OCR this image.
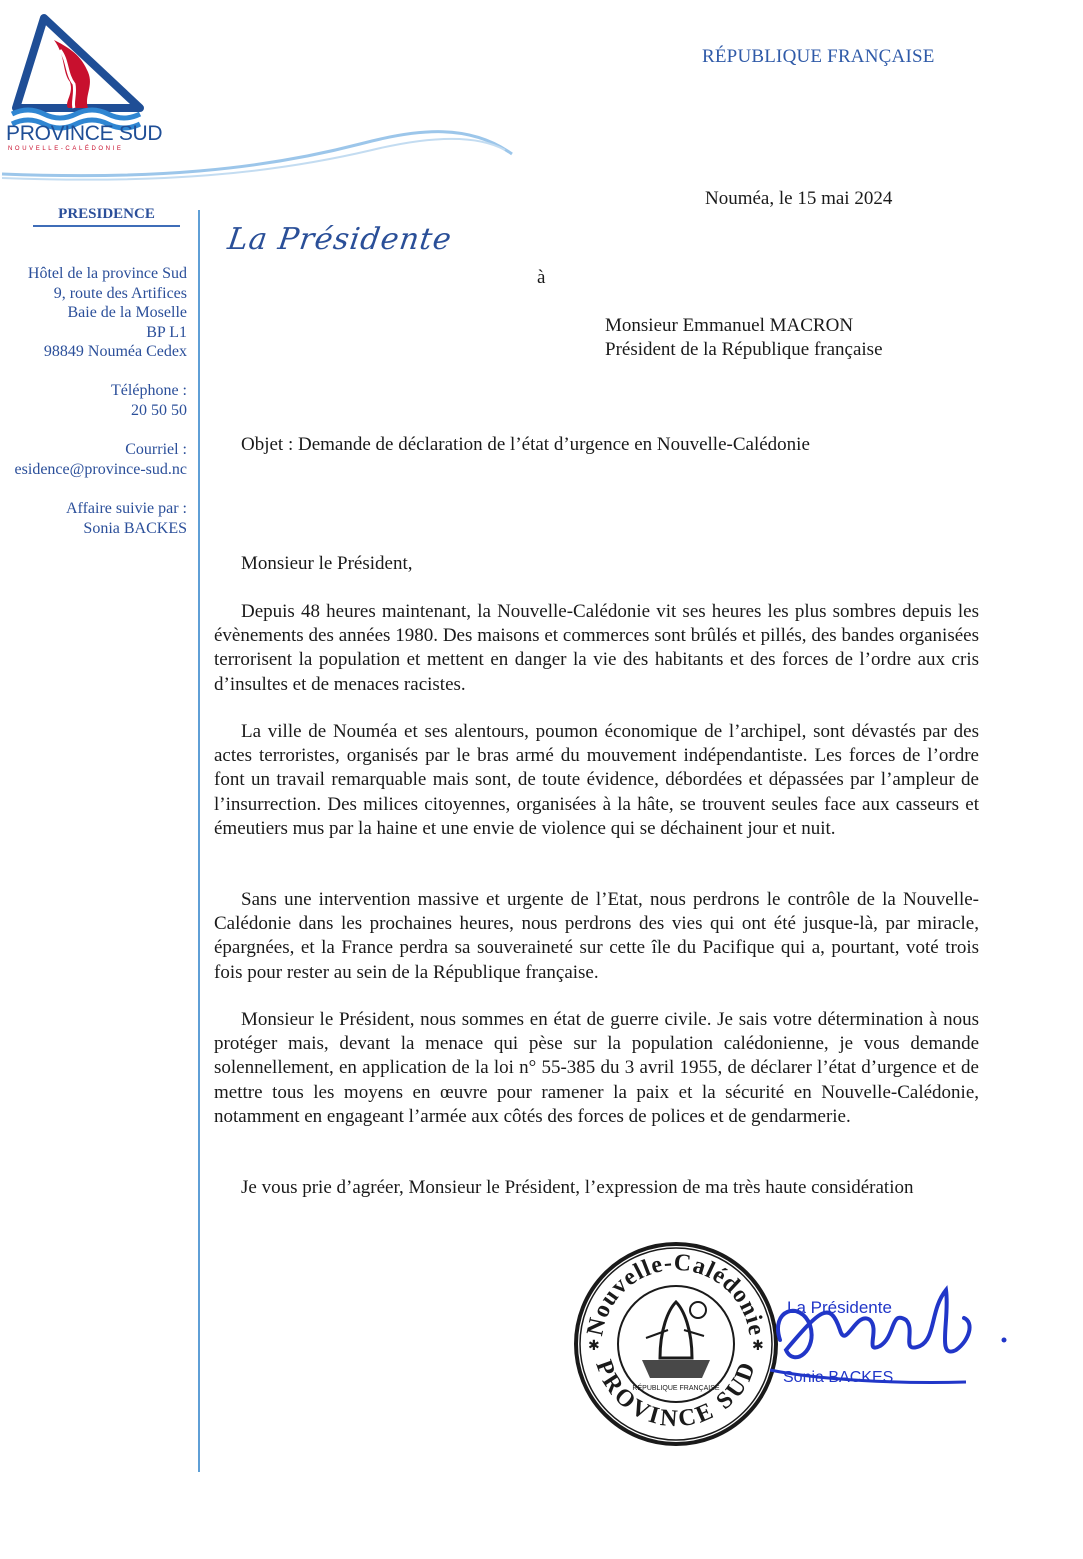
PROVINCE SUD
NOUVELLE-CALÉDONIE
RÉPUBLIQUE FRANÇAISE
PRESIDENCE
Hôtel de la province Sud
9, route des Artifices
Baie de la Moselle
BP L1
98849 Nouméa Cedex
Téléphone :
20 50 50
Courriel :
esidence@province-sud.nc
Affaire suivie par :
Sonia BACKES
La Présidente
Nouméa, le 15 mai 2024
à
Monsieur Emmanuel MACRON
Président de la République française
Objet : Demande de déclaration de l’état d’urgence en Nouvelle-Calédonie
Monsieur le Président,

Depuis 48 heures maintenant, la Nouvelle-Calédonie vit ses heures les plus sombres depuis les évènements des années 1980. Des maisons et commerces sont brûlés et pillés, des bandes organisées terrorisent la population et mettent en danger la vie des habitants et des forces de l’ordre aux cris d’insultes et de menaces racistes.

La ville de Nouméa et ses alentours, poumon économique de l’archipel, sont dévastés par des actes terroristes, organisés par le bras armé du mouvement indépendantiste. Les forces de l’ordre font un travail remarquable mais sont, de toute évidence, débordées et dépassées par l’ampleur de l’insurrection. Des milices citoyennes, organisées à la hâte, se trouvent seules face aux casseurs et émeutiers mus par la haine et une envie de violence qui se déchainent jour et nuit.

Sans une intervention massive et urgente de l’Etat, nous perdrons le contrôle de la Nouvelle-Calédonie dans les prochaines heures, nous perdrons des vies qui ont été jusque-là, par miracle, épargnées, et la France perdra sa souveraineté sur cette île du Pacifique qui a, pourtant, voté trois fois pour rester au sein de la République française.

Monsieur le Président, nous sommes en état de guerre civile. Je sais votre détermination à nous protéger mais, devant la menace qui pèse sur la population calédonienne, je vous demande solennellement, en application de la loi n° 55-385 du 3 avril 1955, de déclarer l’état d’urgence et de mettre tous les moyens en œuvre pour ramener la paix et la sécurité en Nouvelle-Calédonie, notamment en engageant l’armée aux côtés des forces de polices et de gendarmerie.

Je vous prie d’agréer, Monsieur le Président, l’expression de ma très haute considération
Nouvelle-Calédonie
PROVINCE SUD
✱	✱
RÉPUBLIQUE FRANÇAISE
La Présidente
Sonia BACKES
